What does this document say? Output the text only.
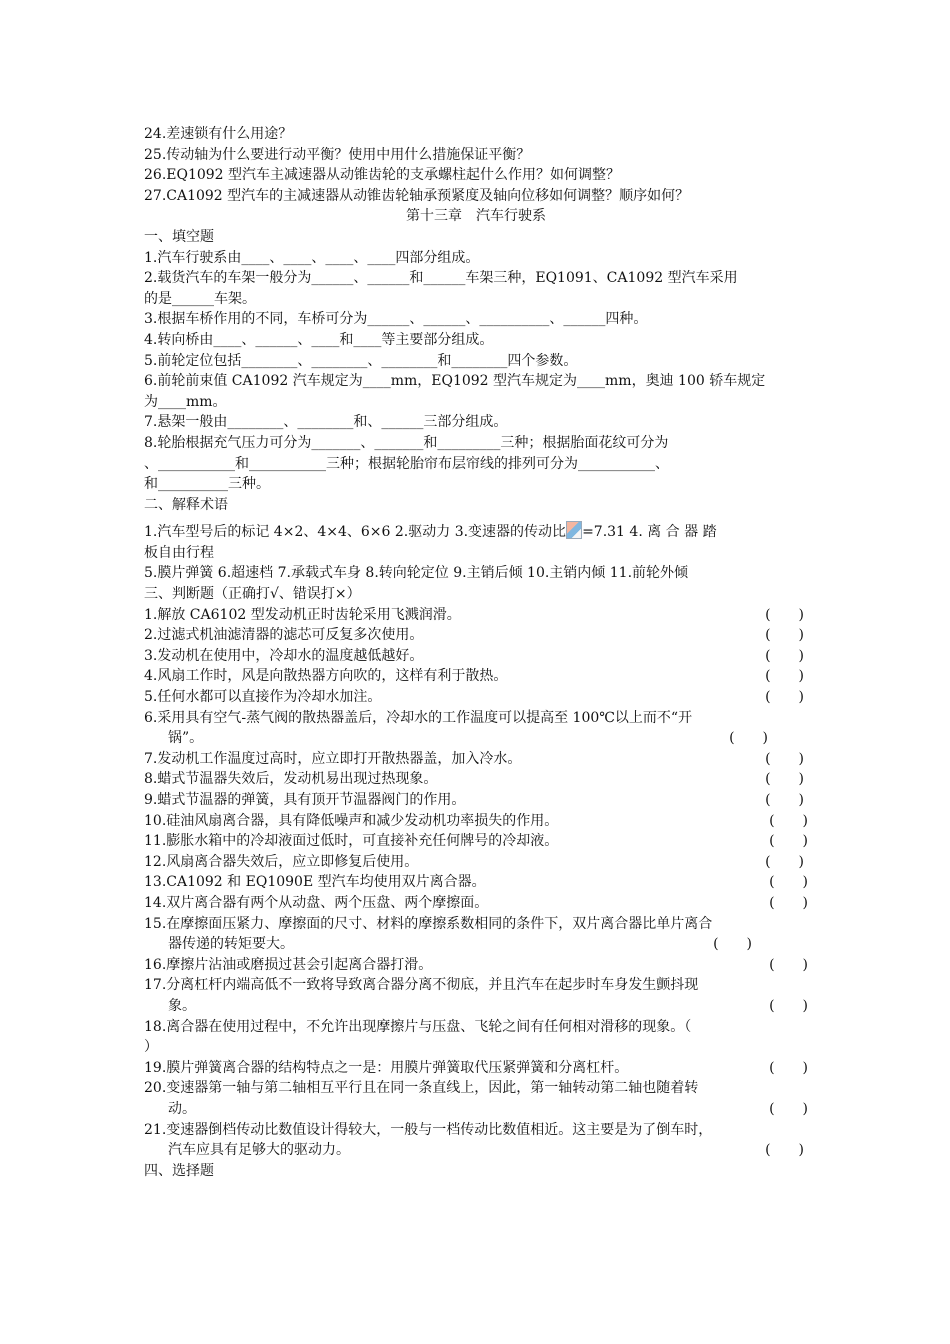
24.差速锁有什么用途？
25.传动轴为什么要进行动平衡？使用中用什么措施保证平衡？
26.EQ1092 型汽车主减速器从动锥齿轮的支承螺柱起什么作用？如何调整？
27.CA1092 型汽车的主减速器从动锥齿轮轴承预紧度及轴向位移如何调整？顺序如何？
第十三章　汽车行驶系
一、填空题
1.汽车行驶系由____、____、____、____四部分组成。
2.载货汽车的车架一般分为______、______和______车架三种，EQ1091、CA1092 型汽车采用
的是______车架。
3.根据车桥作用的不同，车桥可分为______、______、__________、______四种。
4.转向桥由____、______、____和____等主要部分组成。
5.前轮定位包括________、________、________和________四个参数。
6.前轮前束值 CA1092 汽车规定为____mm，EQ1092 型汽车规定为____mm，奥迪 100 轿车规定
为____mm。
7.悬架一般由________、________和、______三部分组成。
8.轮胎根据充气压力可分为_______、_______和_________三种；根据胎面花纹可分为
、___________和___________三种；根据轮胎帘布层帘线的排列可分为___________、
和__________三种。
二、解释术语
1.汽车型号后的标记 4×2、4×4、6×6 2.驱动力 3.变速器的传动比 =7.31 4. 离 合 器 踏
板自由行程
5.膜片弹簧 6.超速档 7.承载式车身 8.转向轮定位 9.主销后倾 10.主销内倾 11.前轮外倾
三、判断题（正确打√、错误打×）
1.解放 CA6102 型发动机正时齿轮采用飞溅润滑。	(　　)
2.过滤式机油滤清器的滤芯可反复多次使用。	(　　)
3.发动机在使用中，冷却水的温度越低越好。	(　　)
4.风扇工作时，风是向散热器方向吹的，这样有利于散热。	(　　)
5.任何水都可以直接作为冷却水加注。	(　　)
6.采用具有空气-蒸气阀的散热器盖后，冷却水的工作温度可以提高至 100℃以上而不“开
锅”。	(　　)
7.发动机工作温度过高时，应立即打开散热器盖，加入冷水。	(　　)
8.蜡式节温器失效后，发动机易出现过热现象。	(　　)
9.蜡式节温器的弹簧，具有顶开节温器阀门的作用。	(　　)
10.硅油风扇离合器，具有降低噪声和减少发动机功率损失的作用。	(　　)
11.膨胀水箱中的冷却液面过低时，可直接补充任何牌号的冷却液。	(　　)
12.风扇离合器失效后，应立即修复后使用。	(　　)
13.CA1092 和 EQ1090E 型汽车均使用双片离合器。	(　　)
14.双片离合器有两个从动盘、两个压盘、两个摩擦面。	(　　)
15.在摩擦面压紧力、摩擦面的尺寸、材料的摩擦系数相同的条件下，双片离合器比单片离合
器传递的转矩要大。	(　　)
16.摩擦片沾油或磨损过甚会引起离合器打滑。	(　　)
17.分离杠杆内端高低不一致将导致离合器分离不彻底，并且汽车在起步时车身发生颤抖现
象。	(　　)
18.离合器在使用过程中，不允许出现摩擦片与压盘、飞轮之间有任何相对滑移的现象。（
）
19.膜片弹簧离合器的结构特点之一是：用膜片弹簧取代压紧弹簧和分离杠杆。	(　　)
20.变速器第一轴与第二轴相互平行且在同一条直线上，因此，第一轴转动第二轴也随着转
动。	(　　)
21.变速器倒档传动比数值设计得较大，一般与一档传动比数值相近。这主要是为了倒车时，
汽车应具有足够大的驱动力。	(　　)
四、选择题
